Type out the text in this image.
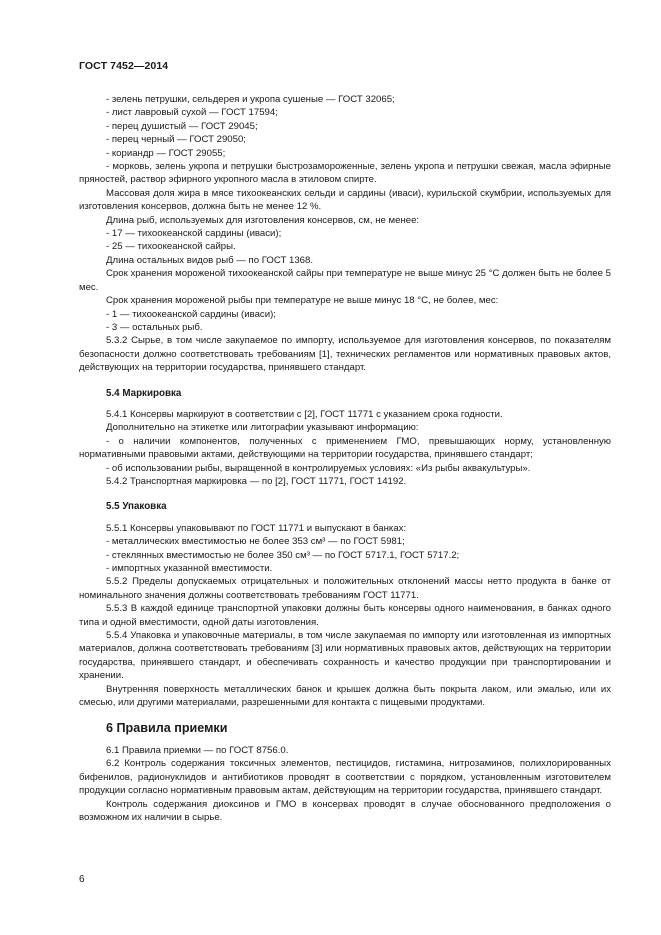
ГОСТ 7452—2014

- зелень петрушки, сельдерея и укропа сушеные — ГОСТ 32065;

- лист лавровый сухой — ГОСТ 17594;

- перец душистый — ГОСТ 29045;

- перец черный — ГОСТ 29050;

- кориандр — ГОСТ 29055;

- морковь, зелень укропа и петрушки быстрозамороженные, зелень укропа и петрушки свежая, масла эфирные пряностей, раствор эфирного укропного масла в этиловом спирте.

Массовая доля жира в мясе тихоокеанских сельди и сардины (иваси), курильской скумбрии, используемых для изготовления консервов, должна быть не менее 12 %.

Длина рыб, используемых для изготовления консервов, см, не менее:

- 17 — тихоокеанской сардины (иваси);

- 25 — тихоокеанской сайры.

Длина остальных видов рыб — по ГОСТ 1368.

Срок хранения мороженой тихоокеанской сайры при температуре не выше минус 25 °С должен быть не более 5 мес.

Срок хранения мороженой рыбы при температуре не выше минус 18 °С, не более, мес:

- 1 — тихоокеанской сардины (иваси);

- 3 — остальных рыб.

5.3.2 Сырье, в том числе закупаемое по импорту, используемое для изготовления консервов, по показателям безопасности должно соответствовать требованиям [1], технических регламентов или нормативных правовых актов, действующих на территории государства, принявшего стандарт.

5.4 Маркировка

5.4.1 Консервы маркируют в соответствии с [2], ГОСТ 11771 с указанием срока годности.

Дополнительно на этикетке или литографии указывают информацию:

- о наличии компонентов, полученных с применением ГМО, превышающих норму, установленную нормативными правовыми актами, действующими на территории государства, принявшего стандарт;

- об использовании рыбы, выращенной в контролируемых условиях: «Из рыбы аквакультуры».

5.4.2 Транспортная маркировка — по [2], ГОСТ 11771, ГОСТ 14192.

5.5 Упаковка

5.5.1 Консервы упаковывают по ГОСТ 11771 и выпускают в банках:

- металлических вместимостью не более 353 см³ — по ГОСТ 5981;

- стеклянных вместимостью не более 350 см³ — по ГОСТ 5717.1, ГОСТ 5717.2;

- импортных указанной вместимости.

5.5.2 Пределы допускаемых отрицательных и положительных отклонений массы нетто продукта в банке от номинального значения должны соответствовать требованиям ГОСТ 11771.

5.5.3 В каждой единице транспортной упаковки должны быть консервы одного наименования, в банках одного типа и одной вместимости, одной даты изготовления.

5.5.4 Упаковка и упаковочные материалы, в том числе закупаемая по импорту или изготовленная из импортных материалов, должна соответствовать требованиям [3] или нормативных правовых актов, действующих на территории государства, принявшего стандарт, и обеспечивать сохранность и качество продукции при транспортировании и хранении.

Внутренняя поверхность металлических банок и крышек должна быть покрыта лаком, или эмалью, или их смесью, или другими материалами, разрешенными для контакта с пищевыми продуктами.

6 Правила приемки

6.1 Правила приемки — по ГОСТ 8756.0.

6.2 Контроль содержания токсичных элементов, пестицидов, гистамина, нитрозаминов, полихлорированных бифенилов, радионуклидов и антибиотиков проводят в соответствии с порядком, установленным изготовителем продукции согласно нормативным правовым актам, действующим на территории государства, принявшего стандарт.

Контроль содержания диоксинов и ГМО в консервах проводят в случае обоснованного предположения о возможном их наличии в сырье.

6
